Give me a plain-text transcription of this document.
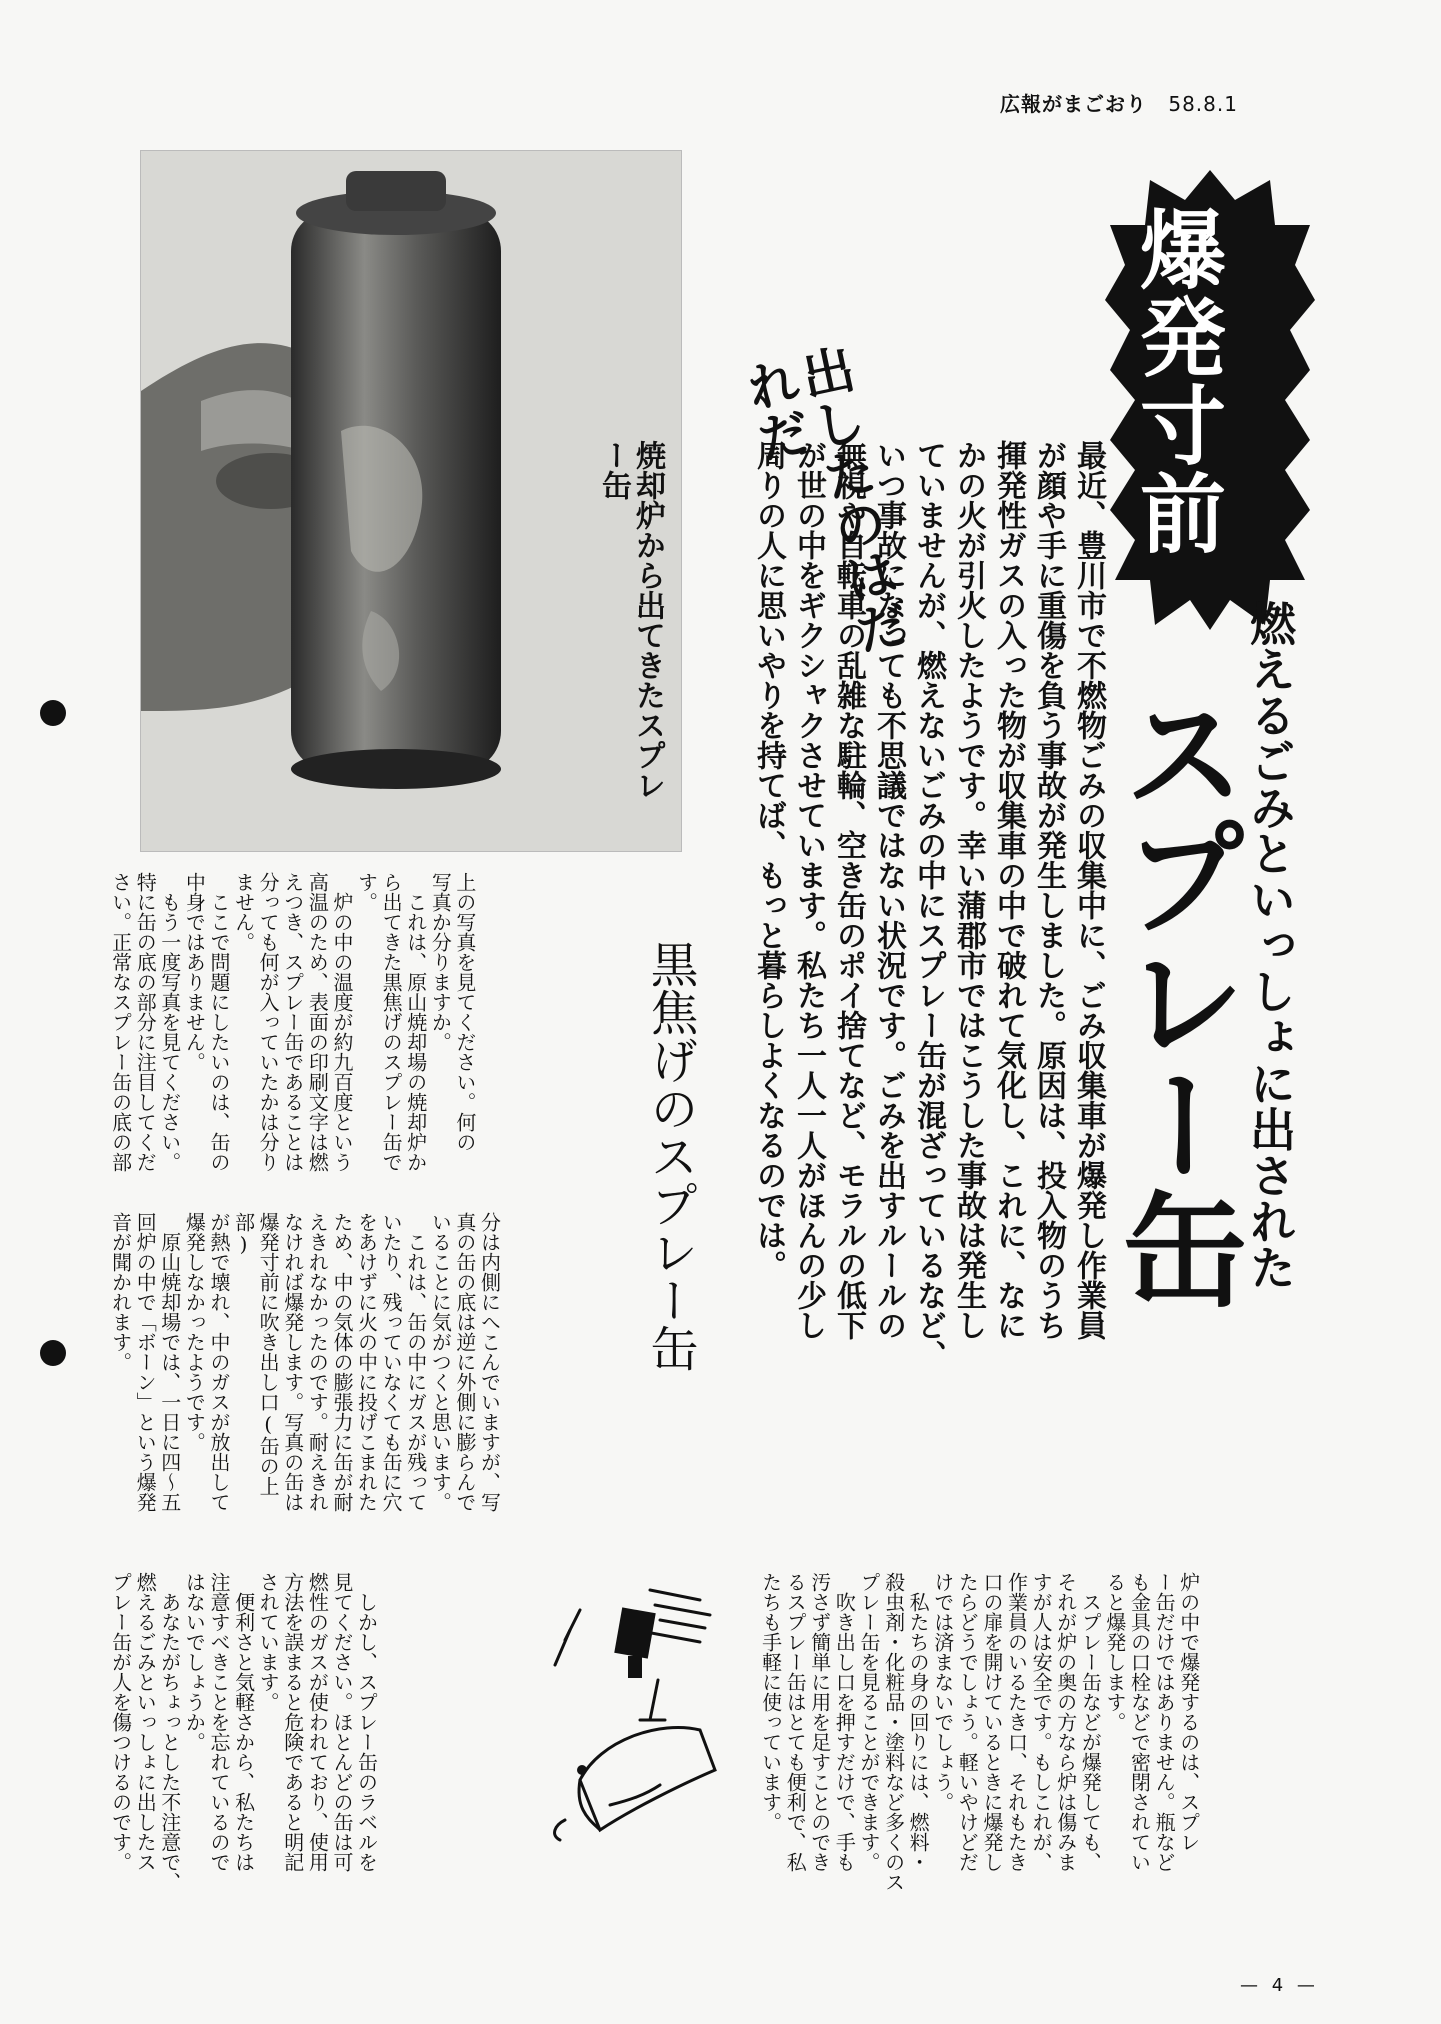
広報がまごおり 58.8.1
焼却炉から出てきたスプレー缶	爆発寸前
出したのはだれだ
最近、豊川市で不燃物ごみの収集中に、ごみ収集車が爆発し作業員
が顔や手に重傷を負う事故が発生しました。原因は、投入物のうち
揮発性ガスの入った物が収集車の中で破れて気化し、これに、なに
かの火が引火したようです。幸い蒲郡市ではこうした事故は発生し
ていませんが、燃えないごみの中にスプレー缶が混ざっているなど、
いつ事故になっても不思議ではない状況です。ごみを出すルールの
無視や自転車の乱雑な駐輪、空き缶のポイ捨てなど、モラルの低下
が世の中をギクシャクさせています。私たち一人一人がほんの少し
周りの人に思いやりを持てば、もっと暮らしよくなるのでは。	燃えるごみといっしょに出された
スプレー缶
黒焦げのスプレー缶
上の写真を見てください。何の
写真か分りますか。
　これは、原山焼却場の焼却炉か
ら出てきた黒焦げのスプレー缶で
す。
　炉の中の温度が約九百度という
高温のため、表面の印刷文字は燃
えつき、スプレー缶であることは
分っても何が入っていたかは分り
ません。
　ここで問題にしたいのは、缶の
中身ではありません。
　もう一度写真を見てください。
特に缶の底の部分に注目してくだ
さい。正常なスプレー缶の底の部
分は内側にへこんでいますが、写
真の缶の底は逆に外側に膨らんで
いることに気がつくと思います。
　これは、缶の中にガスが残って
いたり、残っていなくても缶に穴
をあけずに火の中に投げこまれた
ため、中の気体の膨張力に缶が耐
えきれなかったのです。耐えきれ
なければ爆発します。写真の缶は
爆発寸前に吹き出し口(缶の上部)
が熱で壊れ、中のガスが放出して
爆発しなかったようです。
　原山焼却場では、一日に四〜五
回炉の中で「ボーン」という爆発
音が聞かれます。
　しかし、スプレー缶のラベルを
見てください。ほとんどの缶は可
燃性のガスが使われており、使用
方法を誤まると危険であると明記
されています。
　便利さと気軽さから、私たちは
注意すべきことを忘れているので
はないでしょうか。
　あなたがちょっとした不注意で、
燃えるごみといっしょに出したス
プレー缶が人を傷つけるのです。	炉の中で爆発するのは、スプレ
ー缶だけではありません。瓶など
も金具の口栓などで密閉されてい
ると爆発します。
　スプレー缶などが爆発しても、
それが炉の奥の方なら炉は傷みま
すが人は安全です。もしこれが、
作業員のいるたき口、それもたき
口の扉を開けているときに爆発し
たらどうでしょう。軽いやけどだ
けでは済まないでしょう。
　私たちの身の回りには、燃料・
殺虫剤・化粧品・塗料など多くのス
プレー缶を見ることができます。
　吹き出し口を押すだけで、手も
汚さず簡単に用を足すことのでき
るスプレー缶はとても便利で、私
たちも手軽に使っています。
— 4 —
